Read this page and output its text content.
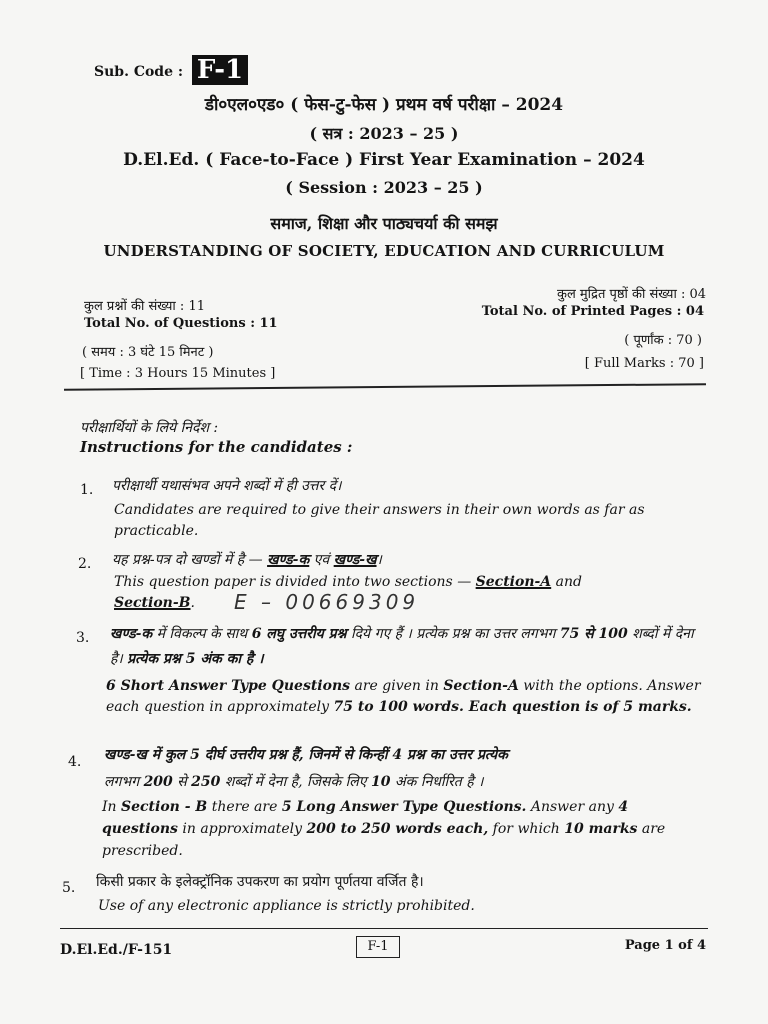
Sub. Code : F-1
डी०एल०एड० ( फेस-टु-फेस ) प्रथम वर्ष परीक्षा – 2024
( सत्र : 2023 – 25 )
D.El.Ed. ( Face-to-Face ) First Year Examination – 2024
( Session : 2023 – 25 )
समाज, शिक्षा और पाठ्यचर्या की समझ
UNDERSTANDING OF SOCIETY, EDUCATION AND CURRICULUM
कुल प्रश्नों की संख्या : 11
Total No. of Questions : 11
( समय : 3 घंटे 15 मिनट )
[ Time : 3 Hours 15 Minutes ]
कुल मुद्रित पृष्ठों की संख्या : 04
Total No. of Printed Pages : 04
( पूर्णांक : 70 )
[ Full Marks : 70 ]
परीक्षार्थियों के लिये निर्देश :
Instructions for the candidates :
1. परीक्षार्थी यथासंभव अपने शब्दों में ही उत्तर दें।
Candidates are required to give their answers in their own words as far as practicable.
2. यह प्रश्न-पत्र दो खण्डों में है — खण्ड-क एवं खण्ड-ख।
This question paper is divided into two sections — Section-A and
Section-B.	E – 00669309
3. खण्ड-क में विकल्प के साथ 6 लघु उत्तरीय प्रश्न दिये गए हैं । प्रत्येक प्रश्न का उत्तर लगभग 75 से 100 शब्दों में देना है। प्रत्येक प्रश्न 5 अंक का है ।
6 Short Answer Type Questions are given in Section-A with the options. Answer each question in approximately 75 to 100 words. Each question is of 5 marks.
4. खण्ड-ख में कुल 5 दीर्घ उत्तरीय प्रश्न हैं, जिनमें से किन्हीं 4 प्रश्न का उत्तर प्रत्येक
लगभग 200 से 250 शब्दों में देना है, जिसके लिए 10 अंक निर्धारित है ।
In Section - B there are 5 Long Answer Type Questions. Answer any 4 questions in approximately 200 to 250 words each, for which 10 marks are prescribed.
5. किसी प्रकार के इलेक्ट्रॉनिक उपकरण का प्रयोग पूर्णतया वर्जित है।
Use of any electronic appliance is strictly prohibited.
D.El.Ed./F-151	F-1	Page 1 of 4
